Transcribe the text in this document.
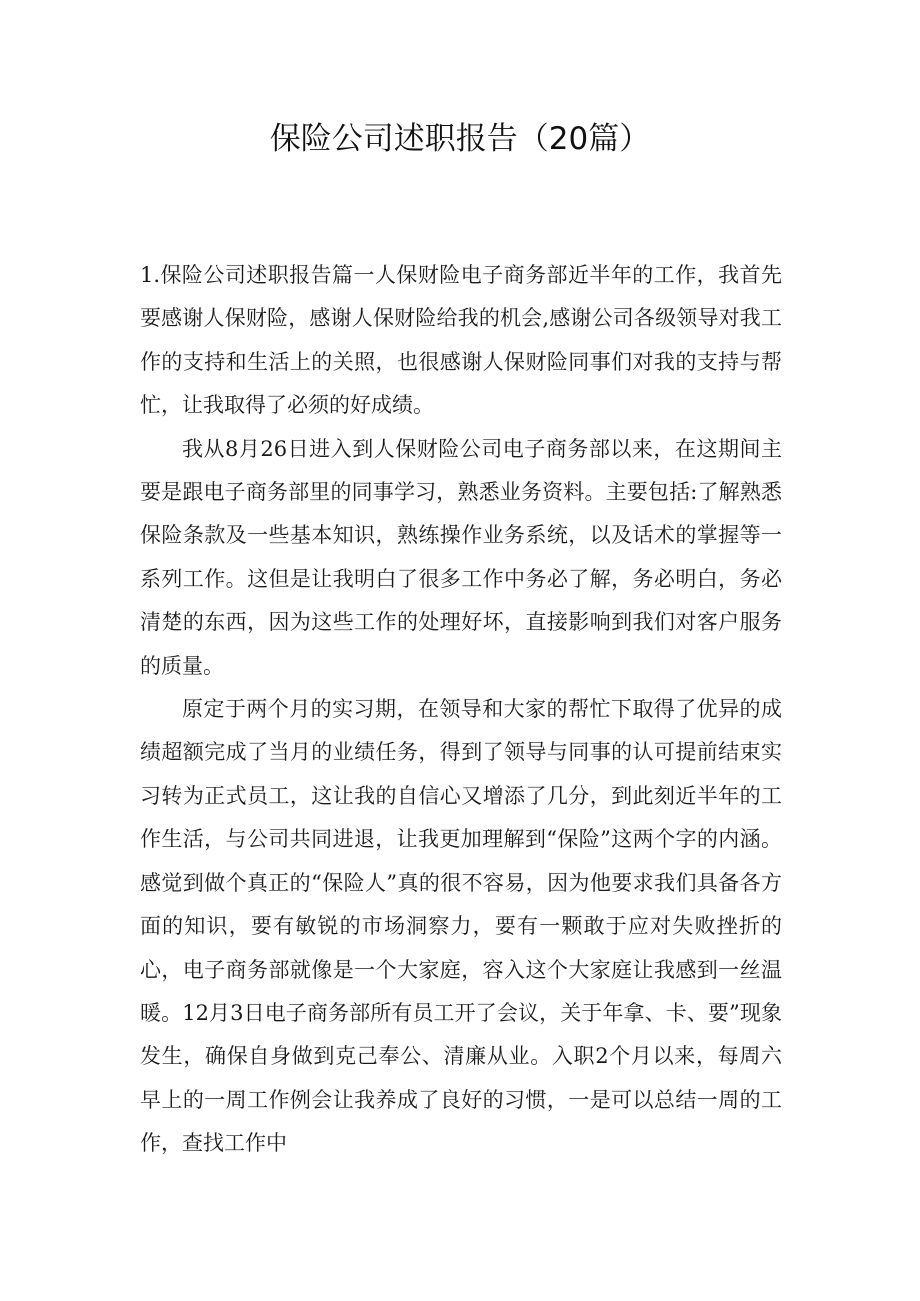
保险公司述职报告（20篇）

1.保险公司述职报告篇一人保财险电子商务部近半年的工作，我首先要感谢人保财险，感谢人保财险给我的机会,感谢公司各级领导对我工作的支持和生活上的关照，也很感谢人保财险同事们对我的支持与帮忙，让我取得了必须的好成绩。

我从8月26日进入到人保财险公司电子商务部以来，在这期间主要是跟电子商务部里的同事学习，熟悉业务资料。主要包括:了解熟悉保险条款及一些基本知识，熟练操作业务系统，以及话术的掌握等一系列工作。这但是让我明白了很多工作中务必了解，务必明白，务必清楚的东西，因为这些工作的处理好坏，直接影响到我们对客户服务的质量。

原定于两个月的实习期，在领导和大家的帮忙下取得了优异的成绩超额完成了当月的业绩任务，得到了领导与同事的认可提前结束实习转为正式员工，这让我的自信心又增添了几分，到此刻近半年的工作生活，与公司共同进退，让我更加理解到“保险”这两个字的内涵。感觉到做个真正的“保险人”真的很不容易，因为他要求我们具备各方面的知识，要有敏锐的市场洞察力，要有一颗敢于应对失败挫折的心，电子商务部就像是一个大家庭，容入这个大家庭让我感到一丝温暖。12月3日电子商务部所有员工开了会议，关于年拿、卡、要”现象发生，确保自身做到克己奉公、清廉从业。入职2个月以来，每周六早上的一周工作例会让我养成了良好的习惯，一是可以总结一周的工作，查找工作中
